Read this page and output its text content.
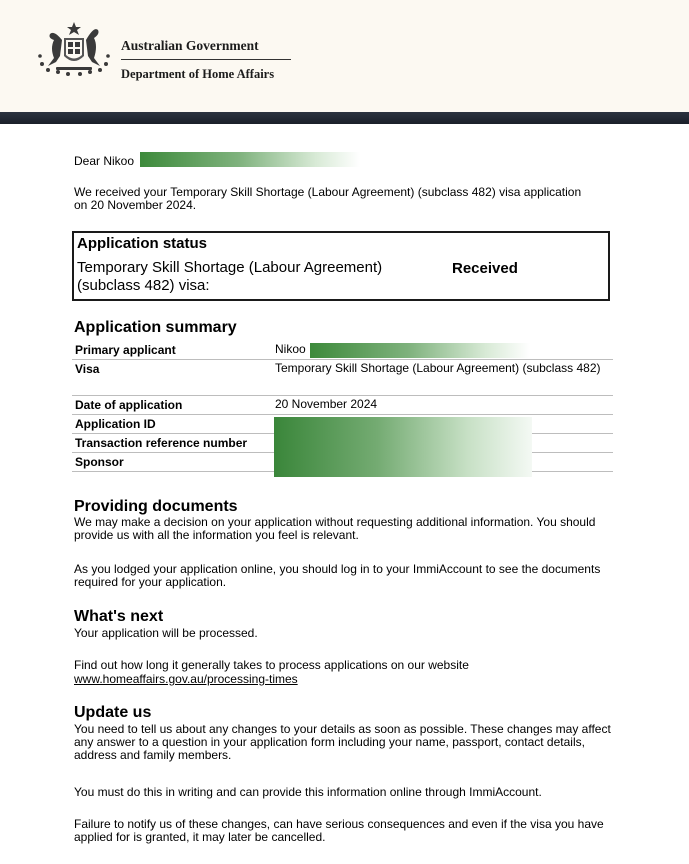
Australian Government
Department of Home Affairs
Dear Nikoo
We received your Temporary Skill Shortage (Labour Agreement) (subclass 482) visa application on 20 November 2024.
Application status
Temporary Skill Shortage (Labour Agreement) (subclass 482) visa:
Received
Application summary
Primary applicant	Nikoo
Visa	Temporary Skill Shortage (Labour Agreement) (subclass 482)
Date of application	20 November 2024
Application ID
Transaction reference number
Sponsor
Providing documents
We may make a decision on your application without requesting additional information. You should provide us with all the information you feel is relevant.
As you lodged your application online, you should log in to your ImmiAccount to see the documents required for your application.
What's next
Your application will be processed.
Find out how long it generally takes to process applications on our website
www.homeaffairs.gov.au/processing-times
Update us
You need to tell us about any changes to your details as soon as possible. These changes may affect any answer to a question in your application form including your name, passport, contact details, address and family members.
You must do this in writing and can provide this information online through ImmiAccount.
Failure to notify us of these changes, can have serious consequences and even if the visa you have applied for is granted, it may later be cancelled.
